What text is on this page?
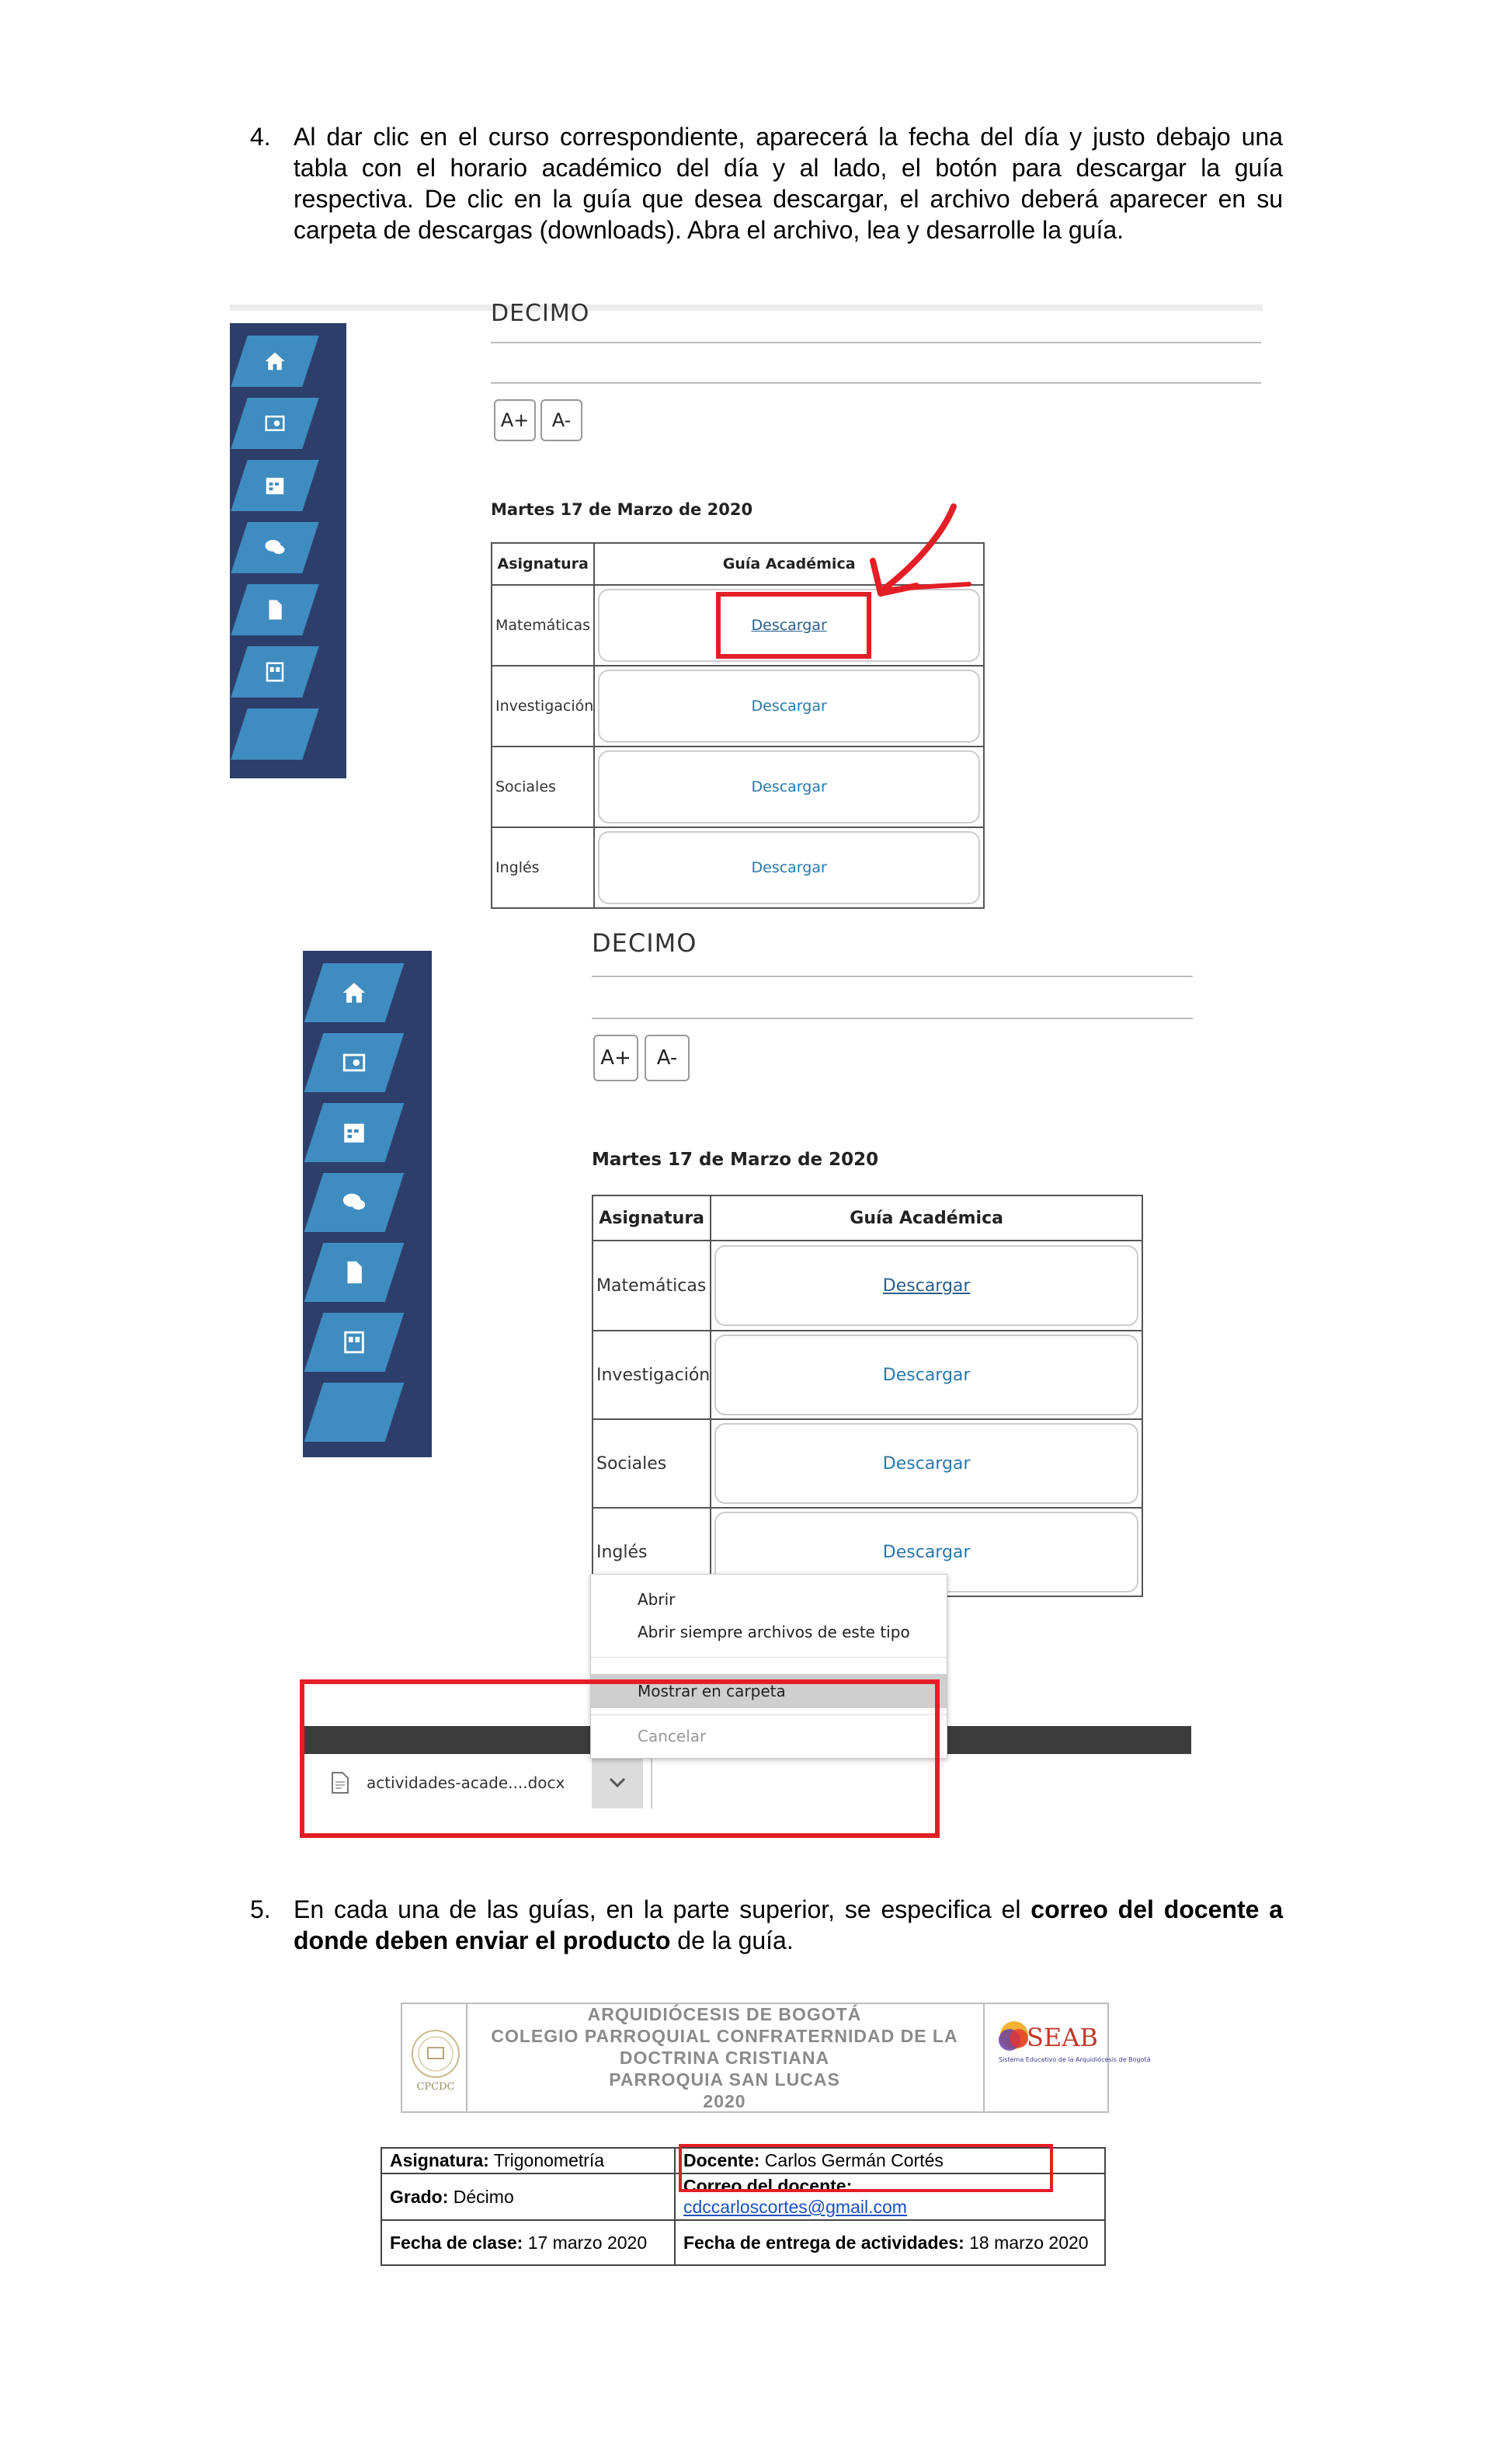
4. Al dar clic en el curso correspondiente, aparecerá la fecha del día y justo debajo una tabla con el horario académico del día y al lado, el botón para descargar la guía respectiva. De clic en la guía que desea descargar, el archivo deberá aparecer en su carpeta de descargas (downloads). Abra el archivo, lea y desarrolle la guía.
DECIMO
A+	A-
Martes 17 de Marzo de 2020
Asignatura	Guía Académica
Matemáticas	Descargar

Investigación	Descargar

Sociales	Descargar

Inglés	Descargar
DECIMO
A+	A-
Martes 17 de Marzo de 2020
Asignatura	Guía Académica
Matemáticas	Descargar

Investigación	Descargar

Sociales	Descargar

Inglés	Descargar
actividades-acade....docx
Abrir
Abrir siempre archivos de este tipo
Mostrar en carpeta
Cancelar
5. En cada una de las guías, en la parte superior, se especifica el correo del docente a donde deben enviar el producto de la guía.
CPCDC
ARQUIDIÓCESIS DE BOGOTÁ
COLEGIO PARROQUIAL CONFRATERNIDAD DE LA
DOCTRINA CRISTIANA
PARROQUIA SAN LUCAS
2020
SEAB
Sistema Educativo de la Arquidiócesis de Bogotá
Asignatura: Trigonometría	Docente: Carlos Germán Cortés
Grado: Décimo	Correo del docente:
cdccarloscortes@gmail.com
Fecha de clase: 17 marzo 2020	Fecha de entrega de actividades: 18 marzo 2020
